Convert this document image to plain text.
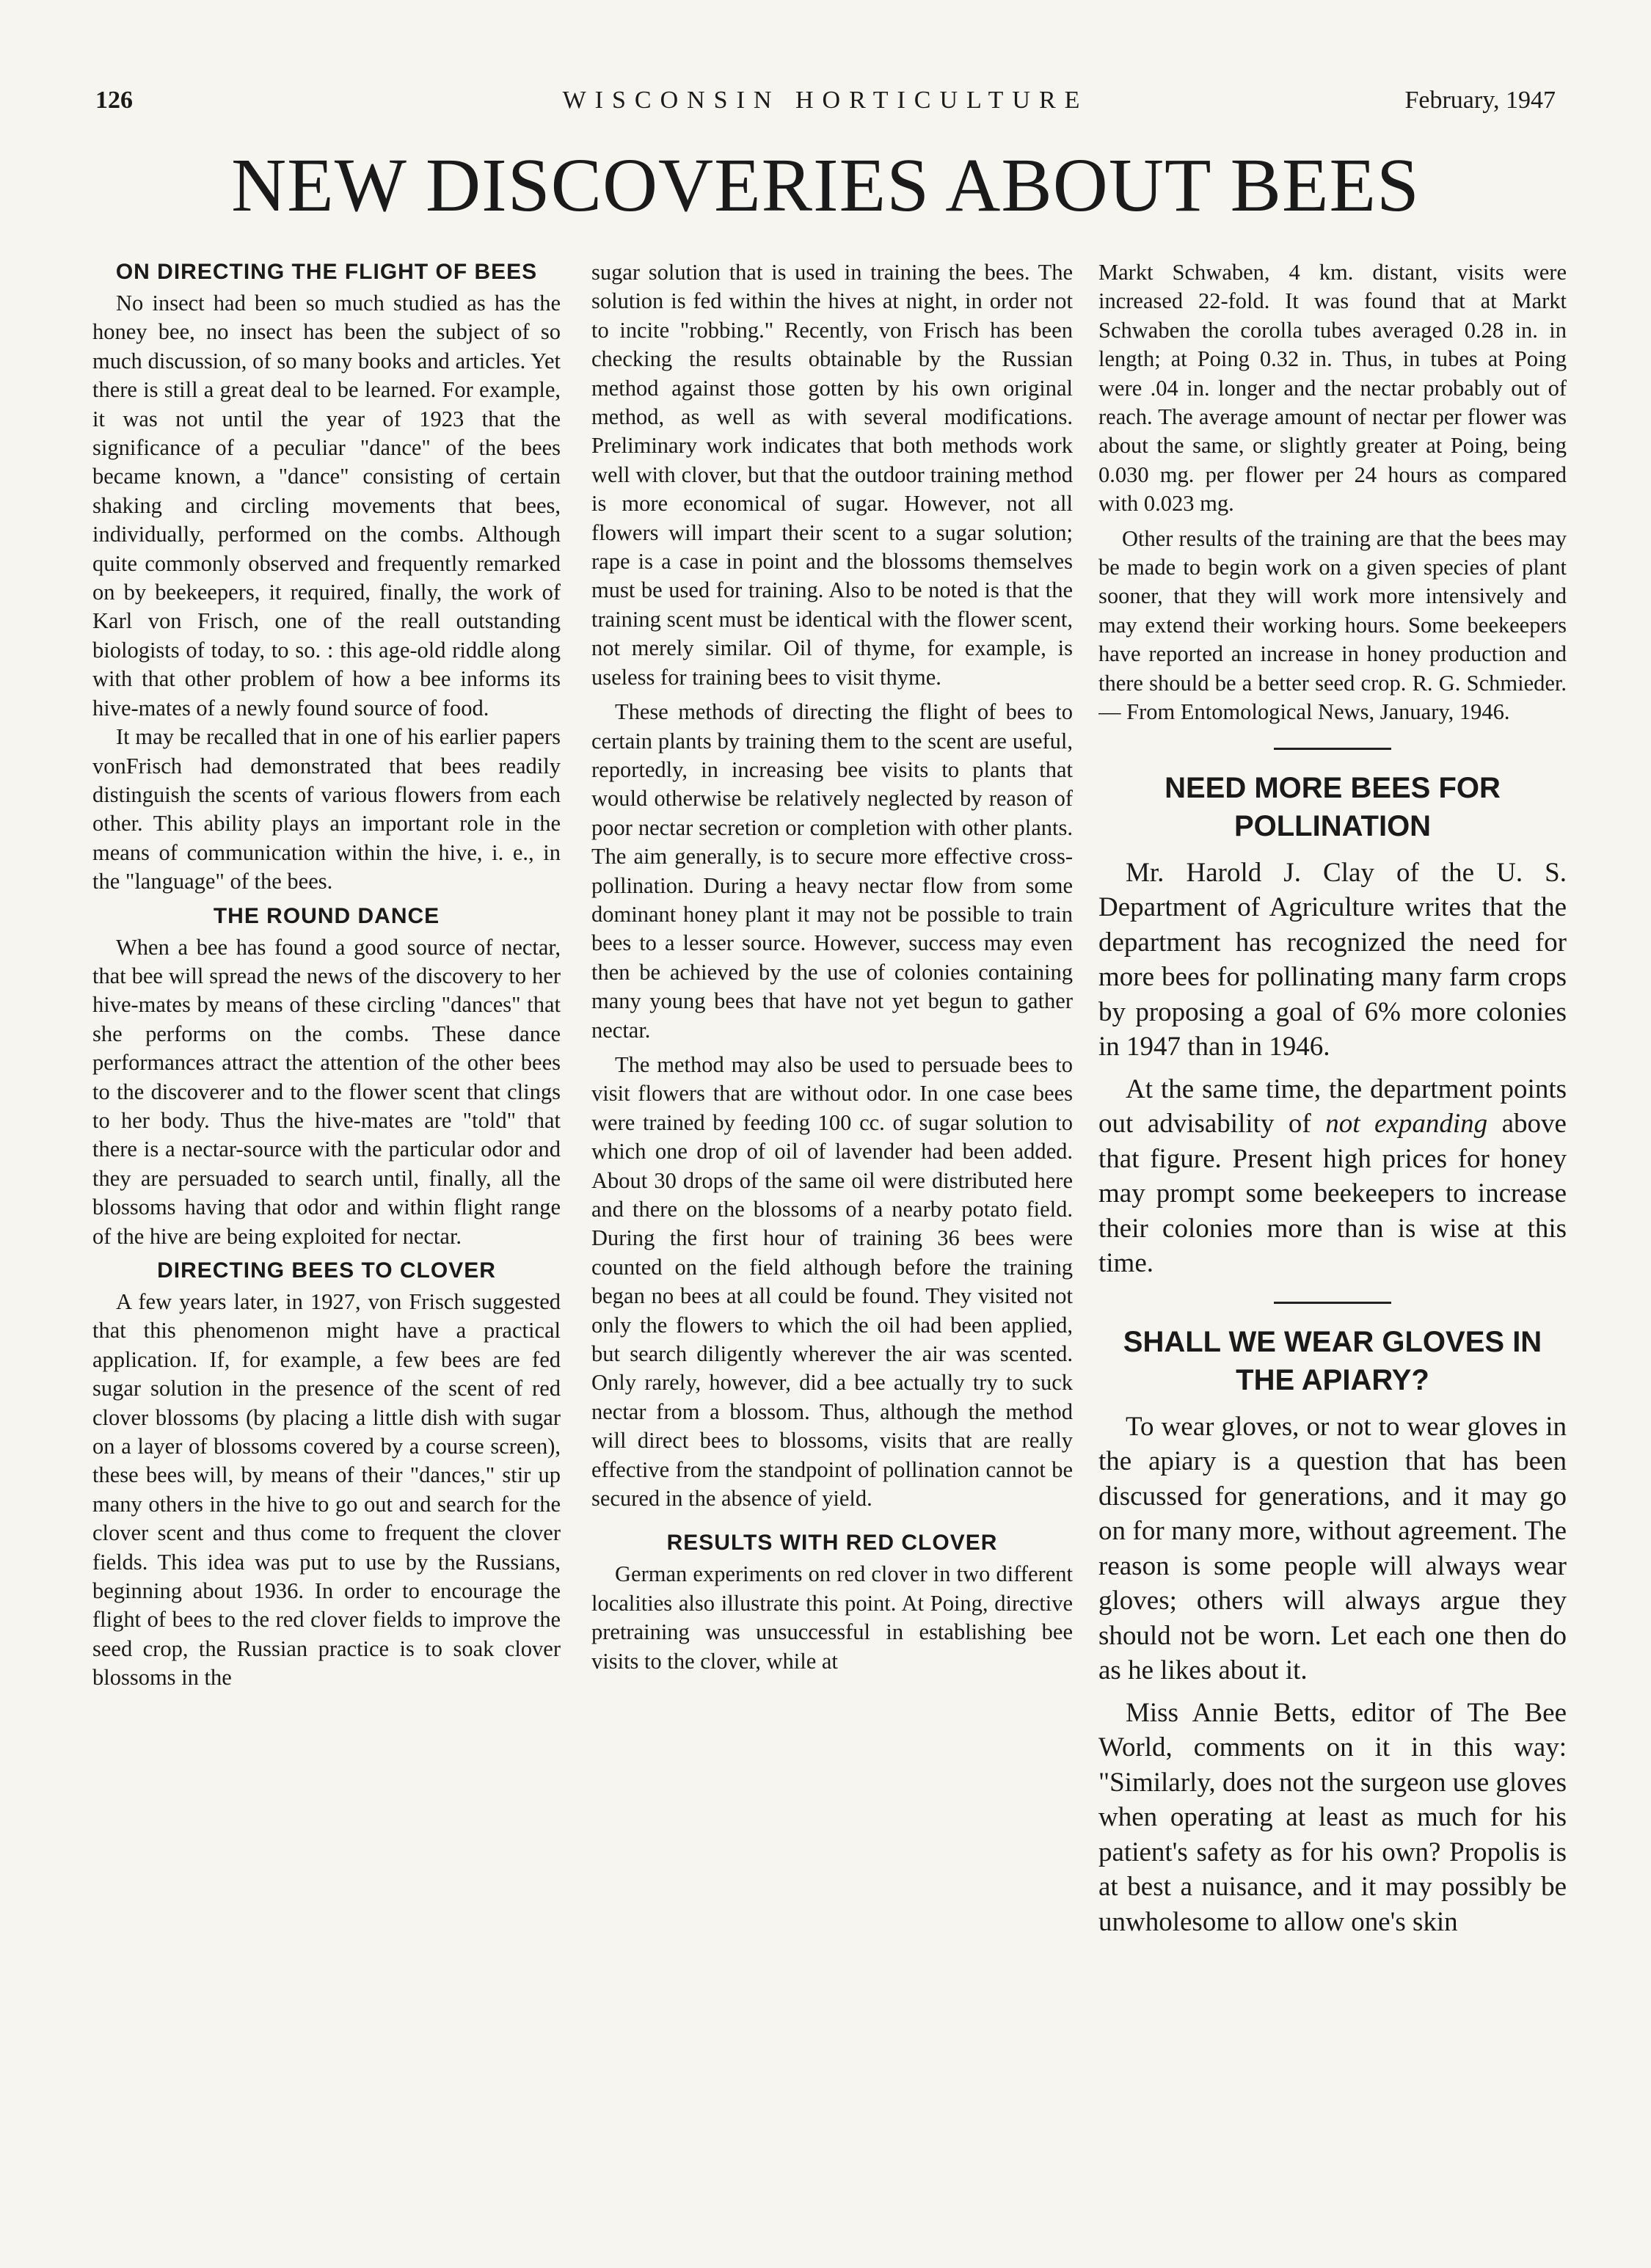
126	WISCONSIN HORTICULTURE	February, 1947
NEW DISCOVERIES ABOUT BEES
ON DIRECTING THE FLIGHT OF BEES

No insect had been so much studied as has the honey bee, no insect has been the subject of so much discussion, of so many books and articles. Yet there is still a great deal to be learned. For example, it was not until the year of 1923 that the significance of a peculiar "dance" of the bees became known, a "dance" consisting of certain shaking and circling movements that bees, individually, performed on the combs. Although quite commonly observed and frequently remarked on by beekeepers, it required, finally, the work of Karl von Frisch, one of the reall outstanding biologists of today, to so. : this age-old riddle along with that other problem of how a bee informs its hive-mates of a newly found source of food.

It may be recalled that in one of his earlier papers vonFrisch had demonstrated that bees readily distinguish the scents of various flowers from each other. This ability plays an important role in the means of communication within the hive, i. e., in the "language" of the bees.

THE ROUND DANCE

When a bee has found a good source of nectar, that bee will spread the news of the discovery to her hive-mates by means of these circling "dances" that she performs on the combs. These dance performances attract the attention of the other bees to the discoverer and to the flower scent that clings to her body. Thus the hive-mates are "told" that there is a nectar-source with the particular odor and they are persuaded to search until, finally, all the blossoms having that odor and within flight range of the hive are being exploited for nectar.

DIRECTING BEES TO CLOVER

A few years later, in 1927, von Frisch suggested that this phenomenon might have a practical application. If, for example, a few bees are fed sugar solution in the presence of the scent of red clover blossoms (by placing a little dish with sugar on a layer of blossoms covered by a course screen), these bees will, by means of their "dances," stir up many others in the hive to go out and search for the clover scent and thus come to frequent the clover fields. This idea was put to use by the Russians, beginning about 1936. In order to encourage the flight of bees to the red clover fields to improve the seed crop, the Russian practice is to soak clover blossoms in the

sugar solution that is used in training the bees. The solution is fed within the hives at night, in order not to incite "robbing." Recently, von Frisch has been checking the results obtainable by the Russian method against those gotten by his own original method, as well as with several modifications. Preliminary work indicates that both methods work well with clover, but that the outdoor training method is more economical of sugar. However, not all flowers will impart their scent to a sugar solution; rape is a case in point and the blossoms themselves must be used for training. Also to be noted is that the training scent must be identical with the flower scent, not merely similar. Oil of thyme, for example, is useless for training bees to visit thyme.

These methods of directing the flight of bees to certain plants by training them to the scent are useful, reportedly, in increasing bee visits to plants that would otherwise be relatively neglected by reason of poor nectar secretion or completion with other plants. The aim generally, is to secure more effective cross-pollination. During a heavy nectar flow from some dominant honey plant it may not be possible to train bees to a lesser source. However, success may even then be achieved by the use of colonies containing many young bees that have not yet begun to gather nectar.

The method may also be used to persuade bees to visit flowers that are without odor. In one case bees were trained by feeding 100 cc. of sugar solution to which one drop of oil of lavender had been added. About 30 drops of the same oil were distributed here and there on the blossoms of a nearby potato field. During the first hour of training 36 bees were counted on the field although before the training began no bees at all could be found. They visited not only the flowers to which the oil had been applied, but search diligently wherever the air was scented. Only rarely, however, did a bee actually try to suck nectar from a blossom. Thus, although the method will direct bees to blossoms, visits that are really effective from the standpoint of pollination cannot be secured in the absence of yield.

RESULTS WITH RED CLOVER

German experiments on red clover in two different localities also illustrate this point. At Poing, directive pretraining was unsuccessful in establishing bee visits to the clover, while at

Markt Schwaben, 4 km. distant, visits were increased 22-fold. It was found that at Markt Schwaben the corolla tubes averaged 0.28 in. in length; at Poing 0.32 in. Thus, in tubes at Poing were .04 in. longer and the nectar probably out of reach. The average amount of nectar per flower was about the same, or slightly greater at Poing, being 0.030 mg. per flower per 24 hours as compared with 0.023 mg.

Other results of the training are that the bees may be made to begin work on a given species of plant sooner, that they will work more intensively and may extend their working hours. Some beekeepers have reported an increase in honey production and there should be a better seed crop. R. G. Schmieder. — From Entomological News, January, 1946.

NEED MORE BEES FOR POLLINATION

Mr. Harold J. Clay of the U. S. Department of Agriculture writes that the department has recognized the need for more bees for pollinating many farm crops by proposing a goal of 6% more colonies in 1947 than in 1946.

At the same time, the department points out advisability of not expanding above that figure. Present high prices for honey may prompt some beekeepers to increase their colonies more than is wise at this time.

SHALL WE WEAR GLOVES IN THE APIARY?

To wear gloves, or not to wear gloves in the apiary is a question that has been discussed for generations, and it may go on for many more, without agreement. The reason is some people will always wear gloves; others will always argue they should not be worn. Let each one then do as he likes about it.

Miss Annie Betts, editor of The Bee World, comments on it in this way: "Similarly, does not the surgeon use gloves when operating at least as much for his patient's safety as for his own? Propolis is at best a nuisance, and it may possibly be unwholesome to allow one's skin
